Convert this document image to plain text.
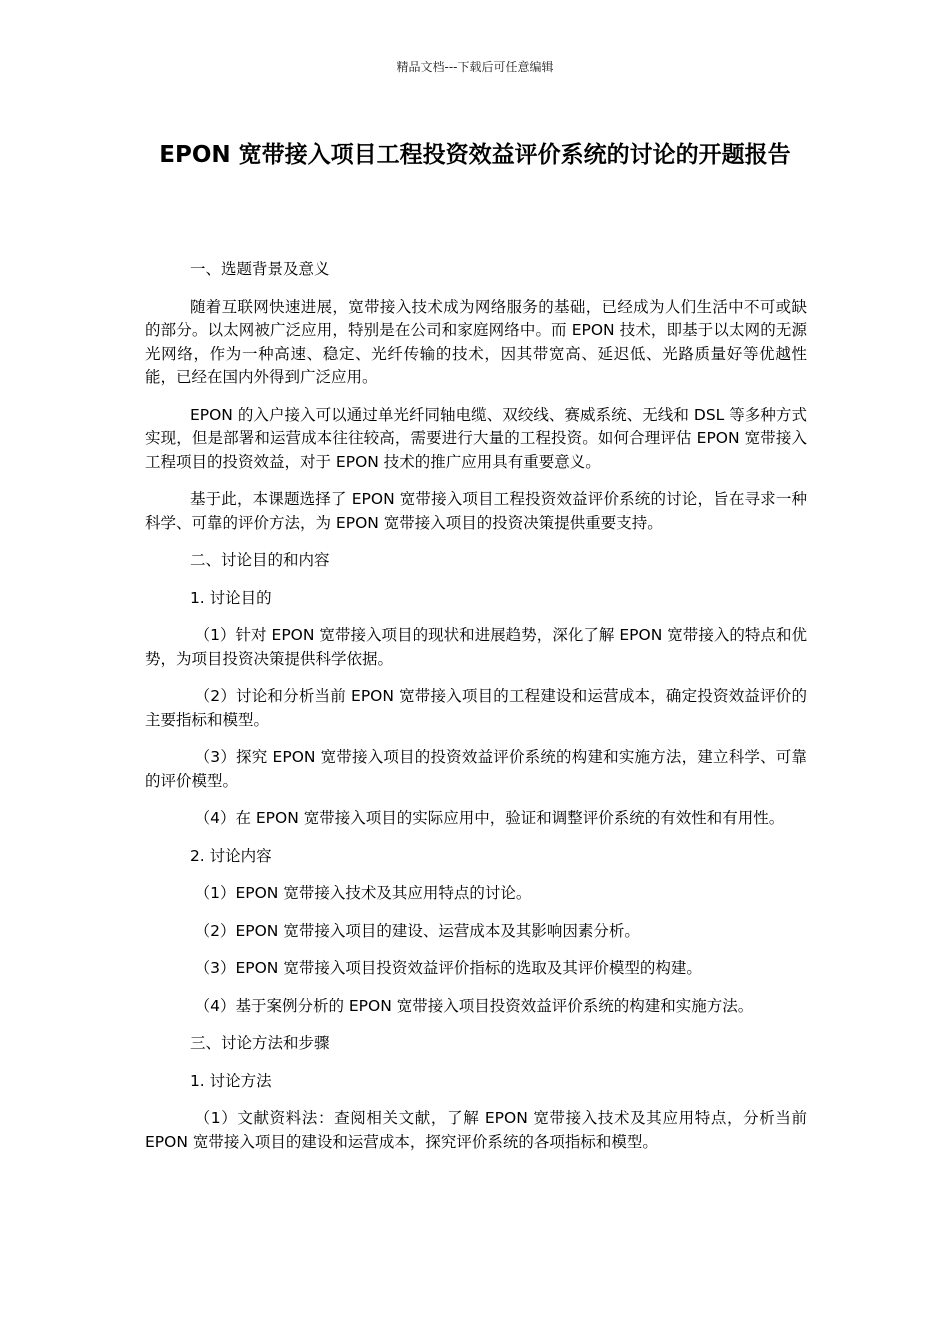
精品文档---下载后可任意编辑
EPON 宽带接入项目工程投资效益评价系统的讨论的开题报告

一、选题背景及意义

随着互联网快速进展，宽带接入技术成为网络服务的基础，已经成为人们生活中不可或缺的部分。以太网被广泛应用，特别是在公司和家庭网络中。而 EPON 技术，即基于以太网的无源光网络，作为一种高速、稳定、光纤传输的技术，因其带宽高、延迟低、光路质量好等优越性能，已经在国内外得到广泛应用。

EPON 的入户接入可以通过单光纤同轴电缆、双绞线、赛威系统、无线和 DSL 等多种方式实现，但是部署和运营成本往往较高，需要进行大量的工程投资。如何合理评估 EPON 宽带接入工程项目的投资效益，对于 EPON 技术的推广应用具有重要意义。

基于此，本课题选择了 EPON 宽带接入项目工程投资效益评价系统的讨论，旨在寻求一种科学、可靠的评价方法，为 EPON 宽带接入项目的投资决策提供重要支持。

二、讨论目的和内容

1. 讨论目的

（1）针对 EPON 宽带接入项目的现状和进展趋势，深化了解 EPON 宽带接入的特点和优势，为项目投资决策提供科学依据。

（2）讨论和分析当前 EPON 宽带接入项目的工程建设和运营成本，确定投资效益评价的主要指标和模型。

（3）探究 EPON 宽带接入项目的投资效益评价系统的构建和实施方法，建立科学、可靠的评价模型。

（4）在 EPON 宽带接入项目的实际应用中，验证和调整评价系统的有效性和有用性。

2. 讨论内容

（1）EPON 宽带接入技术及其应用特点的讨论。

（2）EPON 宽带接入项目的建设、运营成本及其影响因素分析。

（3）EPON 宽带接入项目投资效益评价指标的选取及其评价模型的构建。

（4）基于案例分析的 EPON 宽带接入项目投资效益评价系统的构建和实施方法。

三、讨论方法和步骤

1. 讨论方法

（1）文献资料法：查阅相关文献，了解 EPON 宽带接入技术及其应用特点，分析当前 EPON 宽带接入项目的建设和运营成本，探究评价系统的各项指标和模型。
